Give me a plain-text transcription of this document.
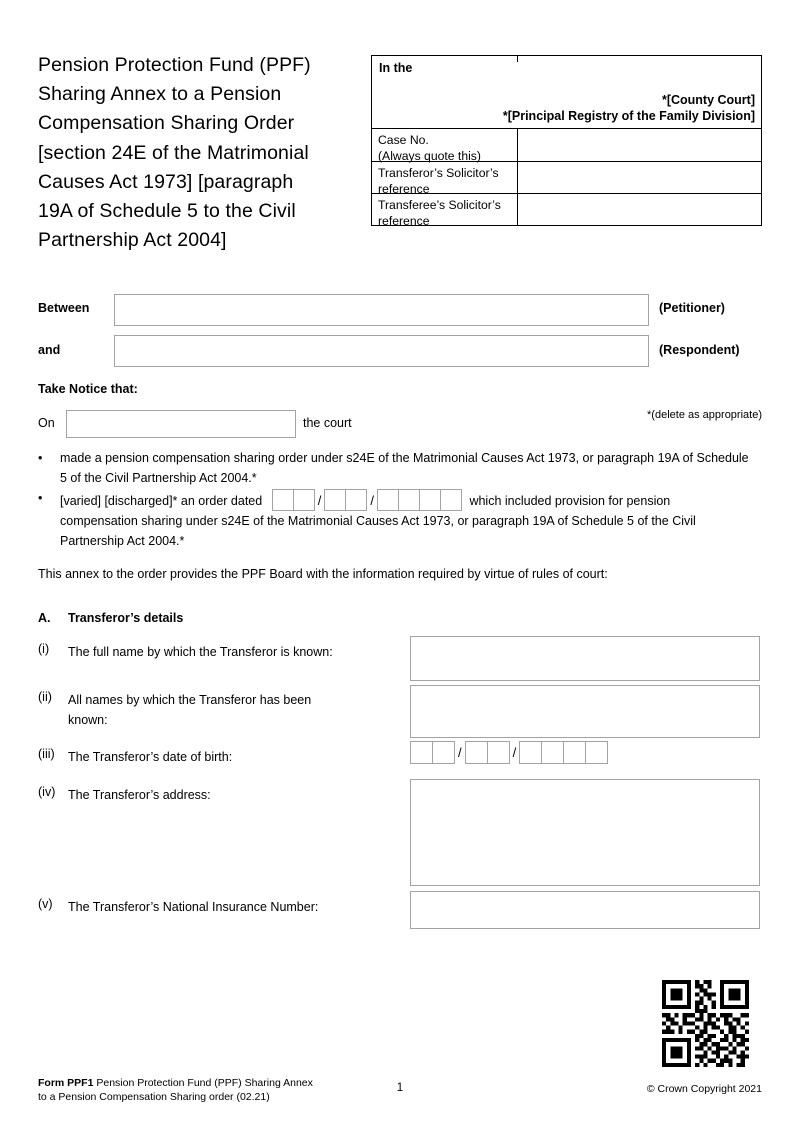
Pension Protection Fund (PPF)
Sharing Annex to a Pension
Compensation Sharing Order
[section 24E of the Matrimonial
Causes Act 1973] [paragraph
19A of Schedule 5 to the Civil
Partnership Act 2004]
In the
*[County Court]
*[Principal Registry of the Family Division]
Case No.
(Always quote this)
Transferor’s Solicitor’s reference
Transferee’s Solicitor’s reference
Between	(Petitioner)
and	(Respondent)
Take Notice that:
On	the court
*(delete as appropriate)
•	made a pension compensation sharing order under s24E of the Matrimonial Causes Act 1973, or paragraph 19A of Schedule 5 of the Civil Partnership Act 2004.*
•	[varied] [discharged]* an order dated	/	/	which included provision for pension compensation sharing under s24E of the Matrimonial Causes Act 1973, or paragraph 19A of Schedule 5 of the Civil Partnership Act 2004.*
This annex to the order provides the PPF Board with the information required by virtue of rules of court:
A. Transferor’s details
(i)	The full name by which the Transferor is known:
(ii)	All names by which the Transferor has been known:
(iii)	The Transferor’s date of birth:	/	/
(iv)	The Transferor’s address:
(v)	The Transferor’s National Insurance Number:
Form PPF1 Pension Protection Fund (PPF) Sharing Annex
to a Pension Compensation Sharing order (02.21)
1	© Crown Copyright 2021
